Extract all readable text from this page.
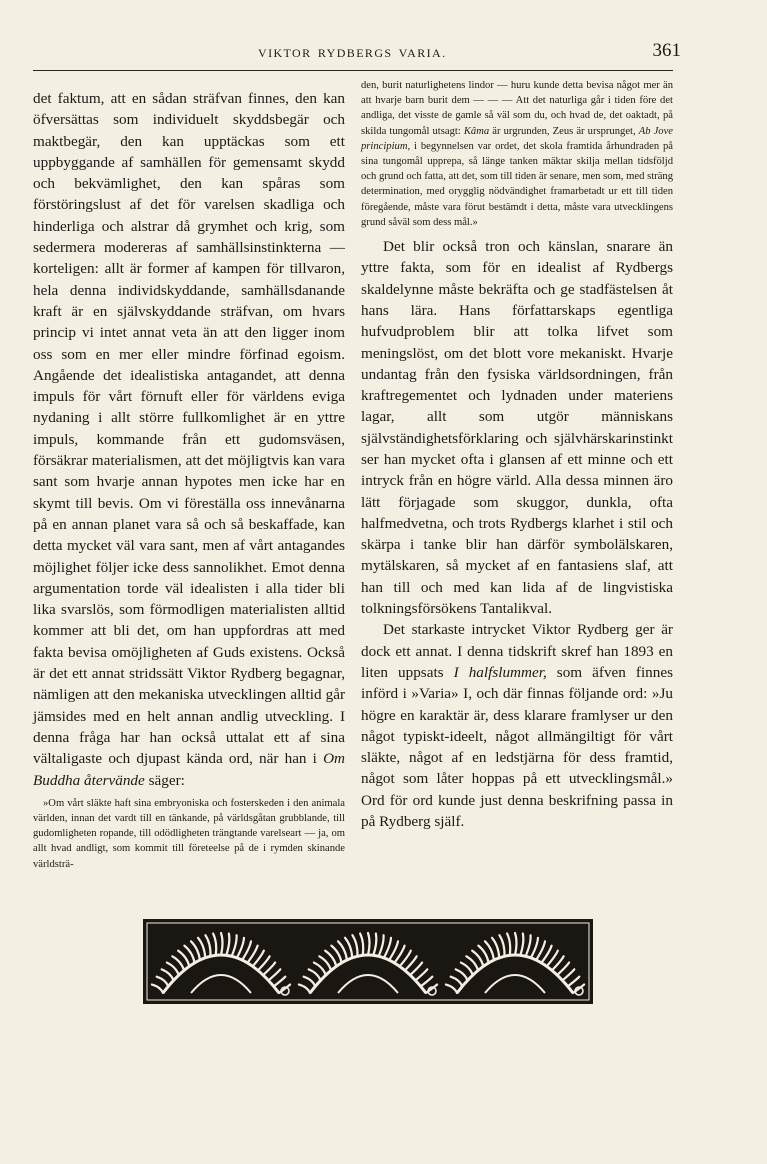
VIKTOR RYDBERGS VARIA.	361

det faktum, att en sådan sträfvan finnes, den kan öfversättas som individuelt skyddsbegär och maktbegär, den kan upptäckas som ett uppbyggande af samhällen för gemensamt skydd och bekvämlighet, den kan spåras som förstöringslust af det för varelsen skadliga och hinderliga och alstrar då grymhet och krig, som sedermera modereras af samhällsinstinkterna — korteligen: allt är former af kampen för tillvaron, hela denna individskyddande, samhällsdanande kraft är en självskyddande sträfvan, om hvars princip vi intet annat veta än att den ligger inom oss som en mer eller mindre förfinad egoism. Angående det idealistiska antagandet, att denna impuls för vårt förnuft eller för världens eviga nydaning i allt större fullkomlighet är en yttre impuls, kommande från ett gudomsväsen, försäkrar materialismen, att det möjligtvis kan vara sant som hvarje annan hypotes men icke har en skymt till bevis. Om vi föreställa oss innevånarna på en annan planet vara så och så beskaffade, kan detta mycket väl vara sant, men af vårt antagandes möjlighet följer icke dess sannolikhet. Emot denna argumentation torde väl idealisten i alla tider bli lika svarslös, som förmodligen materialisten alltid kommer att bli det, om han uppfordras att med fakta bevisa omöjligheten af Guds existens. Också är det ett annat stridssätt Viktor Rydberg begagnar, nämligen att den mekaniska utvecklingen alltid går jämsides med en helt annan andlig utveckling. I denna fråga har han också uttalat ett af sina vältaligaste och djupast kända ord, när han i Om Buddha återvände säger:

»Om vårt släkte haft sina embryoniska och fosterskeden i den animala världen, innan det vardt till en tänkande, på världsgåtan grubblande, till gudomligheten ropande, till odödligheten trängtande varelseart — ja, om allt hvad andligt, som kommit till företeelse på de i rymden skinande världsträ-

den, burit naturlighetens lindor — huru kunde detta bevisa något mer än att hvarje barn burit dem — — — Att det naturliga går i tiden före det andliga, det visste de gamle så väl som du, och hvad de, det oaktadt, på skilda tungomål utsagt: Kâma är urgrunden, Zeus är ursprunget, Ab Jove principium, i begynnelsen var ordet, det skola framtida århundraden på sina tungomål upprepa, så länge tanken mäktar skilja mellan tidsföljd och grund och fatta, att det, som till tiden är senare, men som, med sträng determination, med orygglig nödvändighet framarbetadt ur ett till tiden föregående, måste vara förut bestämdt i detta, måste vara utvecklingens grund såväl som dess mål.»

Det blir också tron och känslan, snarare än yttre fakta, som för en idealist af Rydbergs skaldelynne måste bekräfta och ge stadfästelsen åt hans lära. Hans författarskaps egentliga hufvudproblem blir att tolka lifvet som meningslöst, om det blott vore mekaniskt. Hvarje undantag från den fysiska världsordningen, från kraftregementet och lydnaden under materiens lagar, allt som utgör människans självständighetsförklaring och självhärskarinstinkt ser han mycket ofta i glansen af ett minne och ett intryck från en högre värld. Alla dessa minnen äro lätt förjagade som skuggor, dunkla, ofta halfmedvetna, och trots Rydbergs klarhet i stil och skärpa i tanke blir han därför symbolälskaren, mytälskaren, så mycket af en fantasiens slaf, att han till och med kan lida af de lingvistiska tolkningsförsökens Tantalikval.

Det starkaste intrycket Viktor Rydberg ger är dock ett annat. I denna tidskrift skref han 1893 en liten uppsats I halfslummer, som äfven finnes införd i »Varia» I, och där finnas följande ord: »Ju högre en karaktär är, dess klarare framlyser ur den något typiskt-ideelt, något allmängiltigt för vårt släkte, något af en ledstjärna för dess framtid, något som låter hoppas på ett utvecklingsmål.» Ord för ord kunde just denna beskrifning passa in på Rydberg själf.
